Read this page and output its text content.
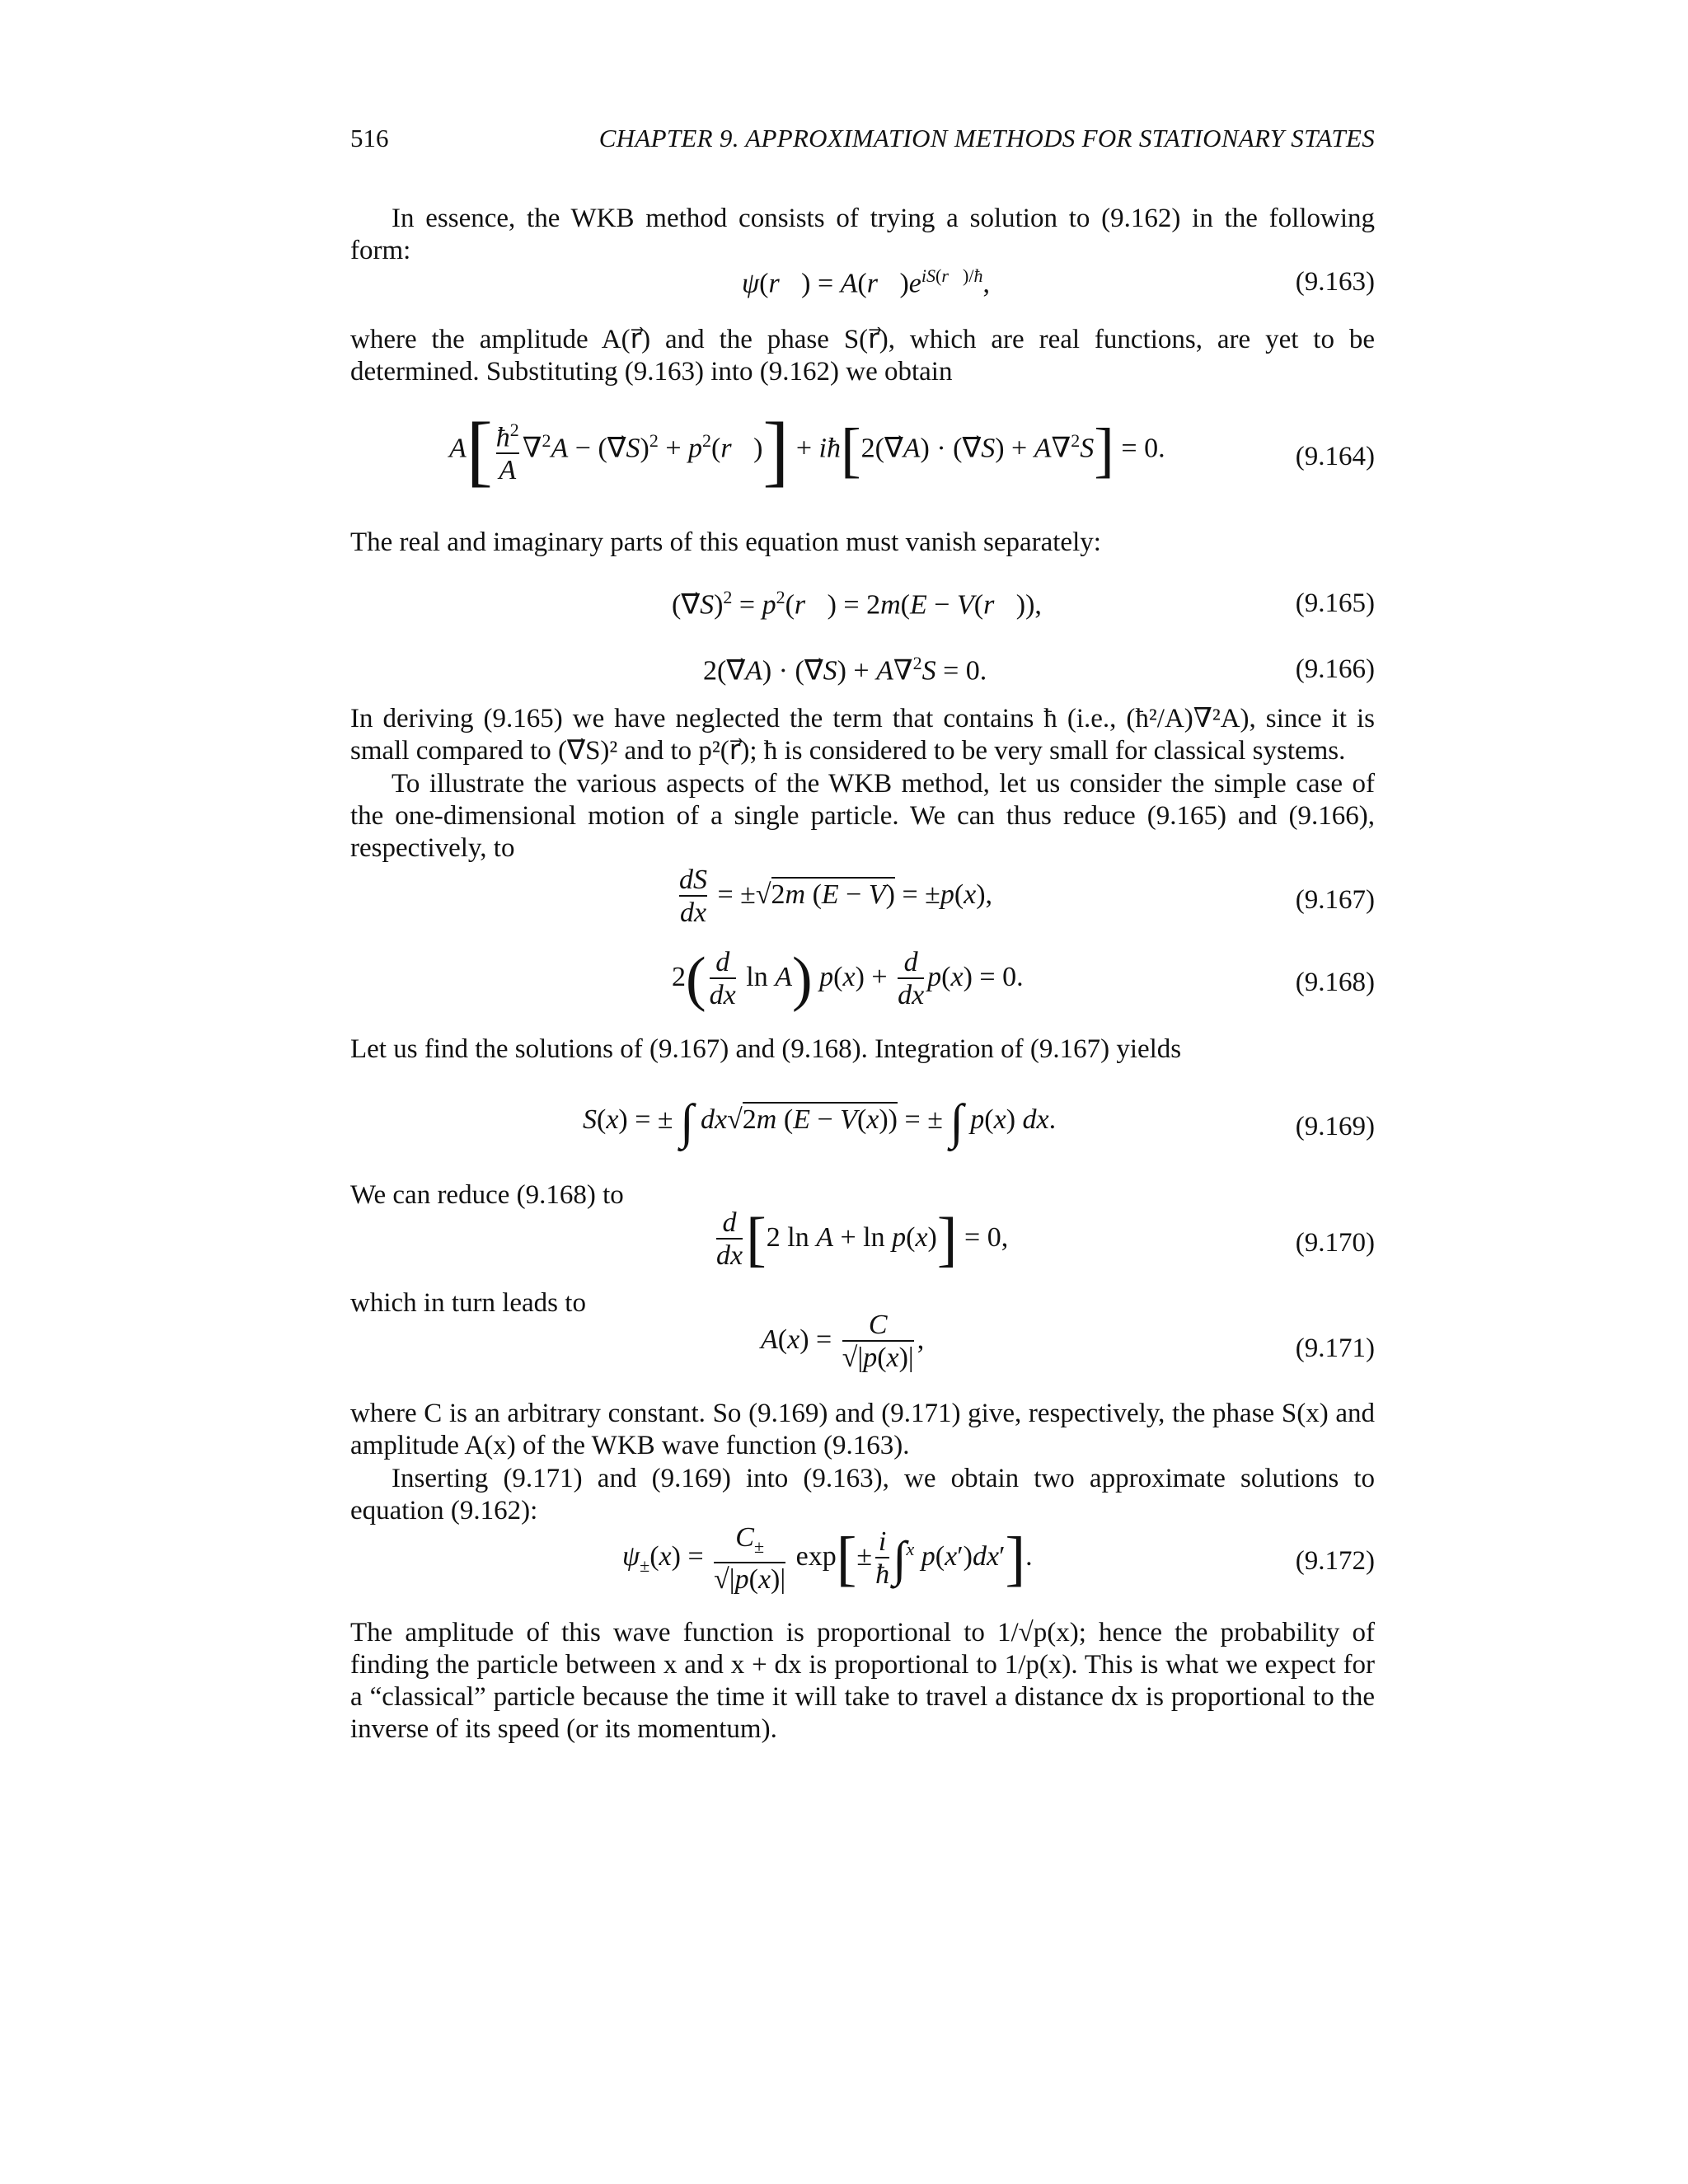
516	CHAPTER 9. APPROXIMATION METHODS FOR STATIONARY STATES
In essence, the WKB method consists of trying a solution to (9.162) in the following form:
ψ(r⃗) = $A(r⃗)e^{iS(r⃗)/ħ}$,	(9.163)
where the amplitude A(r⃗) and the phase S(r⃗), which are real functions, are yet to be determined. Substituting (9.163) into (9.162) we obtain
$A[ \frac{ħ^2}{A} \nabla^2A$ − (∇⃗S)$^2$ + $p^2(r⃗)$] + iħ[2(∇⃗A) · (∇⃗S) + A∇$^2$S] = 0.	(9.164)
The real and imaginary parts of this equation must vanish separately:
(∇⃗S)$^2$ = $p^2(r⃗) = 2m(E$ − V(r⃗)),	(9.165)
2(∇⃗A) · (∇⃗S) + A∇$^2$S = 0.	(9.166)
In deriving (9.165) we have neglected the term that contains ħ (i.e., (ħ²/A)∇²A), since it is small compared to (∇⃗S)² and to p²(r⃗); ħ is considered to be very small for classical systems.
To illustrate the various aspects of the WKB method, let us consider the simple case of the one-dimensional motion of a single particle. We can thus reduce (9.165) and (9.166), respectively, to
$\frac{dS}{dx} = \pm√2m$ (E − V) = ±p(x),	(9.167)
$2( \frac{d}{dx}$ ln A) $p(x) + \frac{d}{dx} p(x) = 0$.	(9.168)
Let us find the solutions of (9.167) and (9.168). Integration of (9.167) yields
S(x) = ± ∫ dx√2m (E − V(x)) = ± ∫ p(x) dx.	(9.169)
We can reduce (9.168) to
$\frac{d}{dx} [2$ ln A + ln p(x)] = 0,	(9.170)
which in turn leads to
$A(x) = \frac{C}{√|p(x)|}$ ,	(9.171)
where C is an arbitrary constant. So (9.169) and (9.171) give, respectively, the phase S(x) and amplitude A(x) of the WKB wave function (9.163).
Inserting (9.171) and (9.169) into (9.163), we obtain two approximate solutions to equation (9.162):
$\psi_\pm(x) = \frac{C_\pm}{√|p(x)|} \exp[\pm \frac{i}{ħ} \int^x$ p(x′)dx′].	(9.172)
The amplitude of this wave function is proportional to 1/√p(x); hence the probability of finding the particle between x and x + dx is proportional to 1/p(x). This is what we expect for a “classical” particle because the time it will take to travel a distance dx is proportional to the inverse of its speed (or its momentum).
